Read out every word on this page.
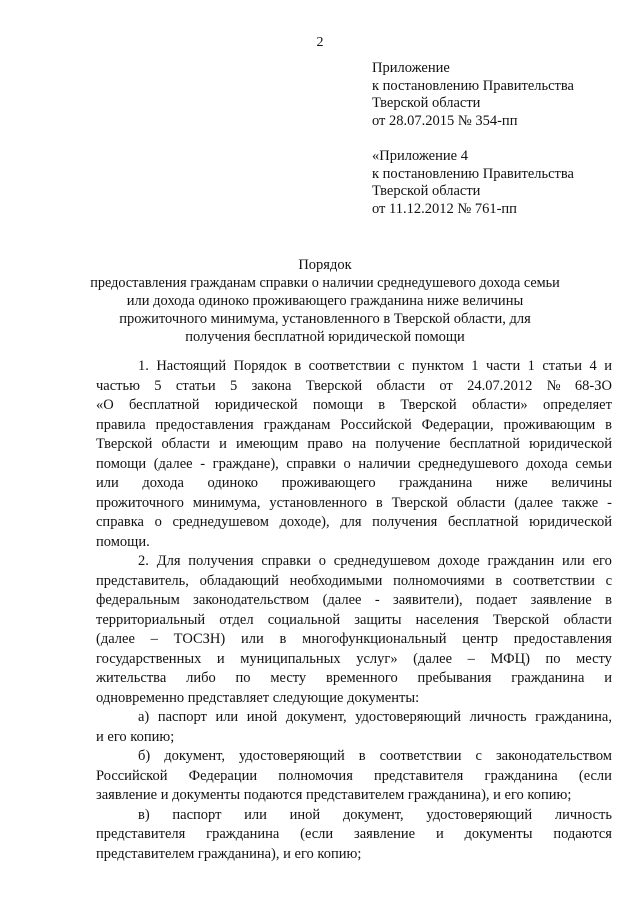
2
Приложение
к постановлению Правительства
Тверской области
от 28.07.2015 № 354-пп
«Приложение 4
к постановлению Правительства
Тверской области
от 11.12.2012 № 761-пп
Порядок
предоставления гражданам справки о наличии среднедушевого дохода семьи
или дохода одиноко проживающего гражданина ниже величины
прожиточного минимума, установленного в Тверской области, для
получения бесплатной юридической помощи
1. Настоящий Порядок в соответствии с пунктом 1 части 1 статьи 4 и
частью 5 статьи 5 закона Тверской области от 24.07.2012 № 68-ЗО
«О бесплатной юридической помощи в Тверской области» определяет
правила предоставления гражданам Российской Федерации, проживающим в
Тверской области и имеющим право на получение бесплатной юридической
помощи (далее - граждане), справки о наличии среднедушевого дохода семьи
или дохода одиноко проживающего гражданина ниже величины
прожиточного минимума, установленного в Тверской области (далее также -
справка о среднедушевом доходе), для получения бесплатной юридической
помощи.
2. Для получения справки о среднедушевом доходе гражданин или его
представитель, обладающий необходимыми полномочиями в соответствии с
федеральным законодательством (далее - заявители), подает заявление в
территориальный отдел социальной защиты населения Тверской области
(далее – ТОСЗН) или в многофункциональный центр предоставления
государственных и муниципальных услуг» (далее – МФЦ) по месту
жительства либо по месту временного пребывания гражданина и
одновременно представляет следующие документы:
а) паспорт или иной документ, удостоверяющий личность гражданина,
и его копию;
б) документ, удостоверяющий в соответствии с законодательством
Российской Федерации полномочия представителя гражданина (если
заявление и документы подаются представителем гражданина), и его копию;
в) паспорт или иной документ, удостоверяющий личность
представителя гражданина (если заявление и документы подаются
представителем гражданина), и его копию;
